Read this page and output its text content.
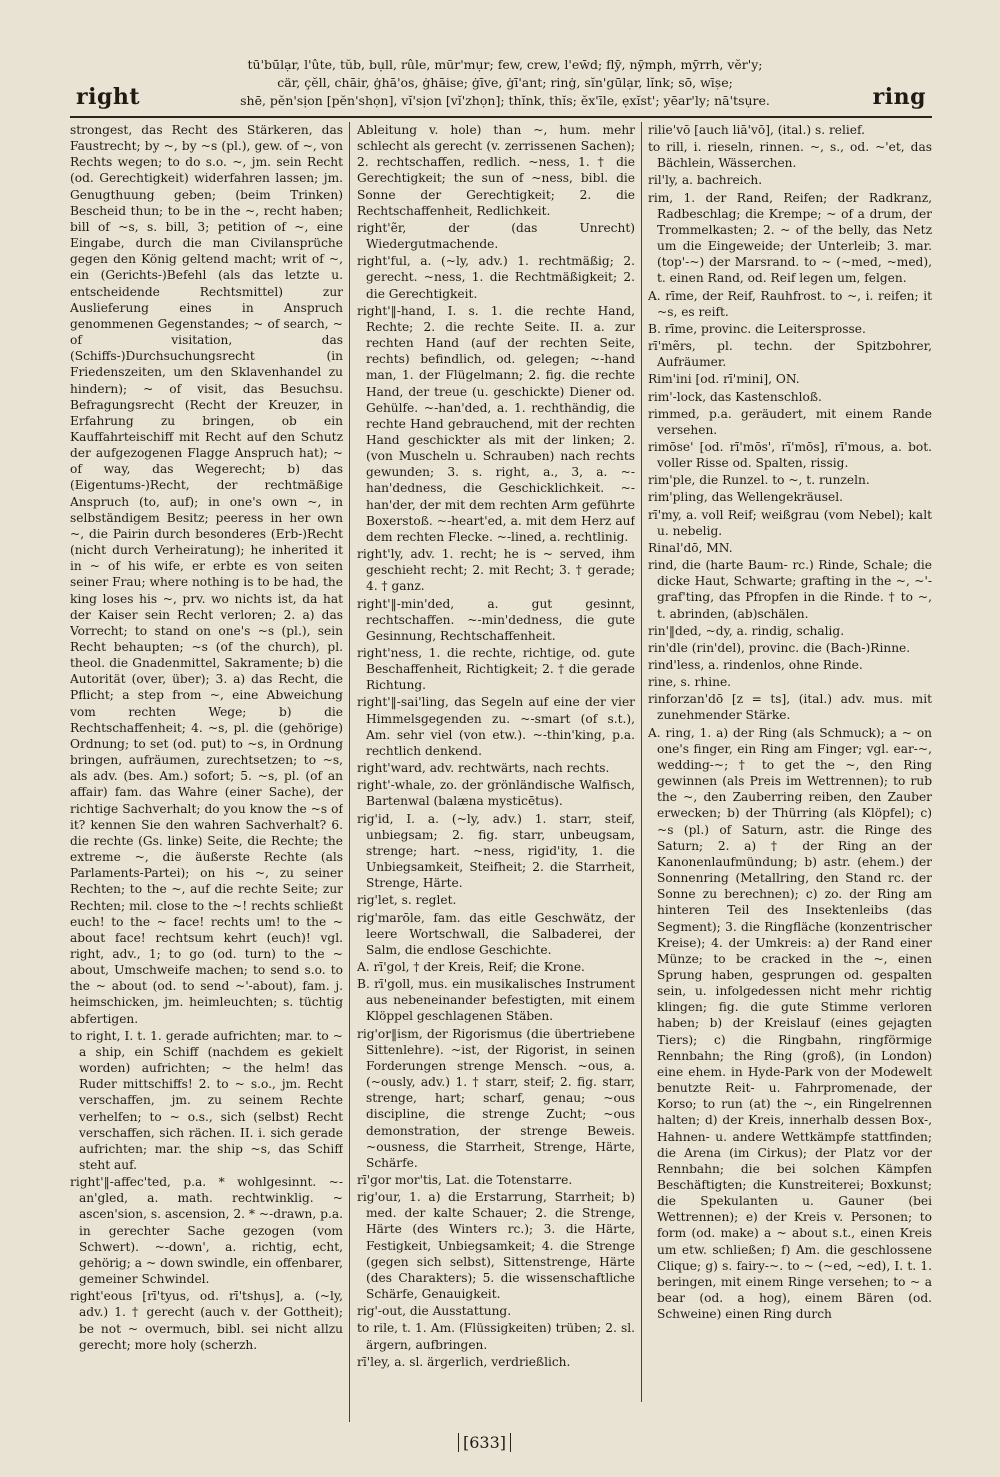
right
tū'bū̇lạr, l'ûte, tŭb, bụll, rûle, mūr'mụr; few, crew, l'ew̄d; flȳ, nȳmph, mȳrrh, vĕr'y;
cär, çĕll, chāir, ġhā'os, ġhāise; ġīve, ġī'ant; rinġ, sĭn'gūlạr, lĭnk; sō, wīșe;
shē, pĕn'sịon [pĕn'shọn], vĭ'sịon [vĭ'zhọn]; thĭnk, thĭs; ĕx'īle, ẹxĭst'; yēar'ly; nā'tsụre.	ring

strongest, das Recht des Stärkeren, das Faustrecht; by ~, by ~s (pl.), gew. of ~, von Rechts wegen; to do s.o. ~, jm. sein Recht (od. Gerechtigkeit) widerfahren lassen; jm. Genugthuung geben; (beim Trinken) Bescheid thun; to be in the ~, recht haben; bill of ~s, s. bill, 3; petition of ~, eine Eingabe, durch die man Civilansprüche gegen den König geltend macht; writ of ~, ein (Gerichts-)Befehl (als das letzte u. entscheidende Rechtsmittel) zur Auslieferung eines in Anspruch genommenen Gegenstandes; ~ of search, ~ of visitation, das (Schiffs-)Durchsuchungsrecht (in Friedenszeiten, um den Sklavenhandel zu hindern); ~ of visit, das Besuchsu. Befragungsrecht (Recht der Kreuzer, in Erfahrung zu bringen, ob ein Kauffahrteischiff mit Recht auf den Schutz der aufgezogenen Flagge Anspruch hat); ~ of way, das Wegerecht; b) das (Eigentums-)Recht, der rechtmäßige Anspruch (to, auf); in one's own ~, in selbständigem Besitz; peeress in her own ~, die Pairin durch besonderes (Erb-)Recht (nicht durch Verheiratung); he inherited it in ~ of his wife, er erbte es von seiten seiner Frau; where nothing is to be had, the king loses his ~, prv. wo nichts ist, da hat der Kaiser sein Recht verloren; 2. a) das Vorrecht; to stand on one's ~s (pl.), sein Recht behaupten; ~s (of the church), pl. theol. die Gnadenmittel, Sakramente; b) die Autorität (over, über); 3. a) das Recht, die Pflicht; a step from ~, eine Abweichung vom rechten Wege; b) die Rechtschaffenheit; 4. ~s, pl. die (gehörige) Ordnung; to set (od. put) to ~s, in Ordnung bringen, aufräumen, zurechtsetzen; to ~s, als adv. (bes. Am.) sofort; 5. ~s, pl. (of an affair) fam. das Wahre (einer Sache), der richtige Sachverhalt; do you know the ~s of it? kennen Sie den wahren Sachverhalt? 6. die rechte (Gs. linke) Seite, die Rechte; the extreme ~, die äußerste Rechte (als Parlaments-Partei); on his ~, zu seiner Rechten; to the ~, auf die rechte Seite; zur Rechten; mil. close to the ~! rechts schließt euch! to the ~ face! rechts um! to the ~ about face! rechtsum kehrt (euch)! vgl. right, adv., 1; to go (od. turn) to the ~ about, Umschweife machen; to send s.o. to the ~ about (od. to send ~'-about), fam. j. heimschicken, jm. heimleuchten; s. tüchtig abfertigen.

to right, I. t. 1. gerade aufrichten; mar. to ~ a ship, ein Schiff (nachdem es gekielt worden) aufrichten; ~ the helm! das Ruder mittschiffs! 2. to ~ s.o., jm. Recht verschaffen, jm. zu seinem Rechte verhelfen; to ~ o.s., sich (selbst) Recht verschaffen, sich rächen. II. i. sich gerade aufrichten; mar. the ship ~s, das Schiff steht auf.

right'‖-affec'ted, p.a. * wohlgesinnt. ~-an'gled, a. math. rechtwinklig. ~ ascen'sion, s. ascension, 2. * ~-drawn, p.a. in gerechter Sache gezogen (vom Schwert). ~-down', a. richtig, echt, gehörig; a ~ down swindle, ein offenbarer, gemeiner Schwindel.

right'eous [rī'tyus, od. rī'tshụs], a. (~ly, adv.) 1. † gerecht (auch v. der Gottheit); be not ~ overmuch, bibl. sei nicht allzu gerecht; more holy (scherzh.

Ableitung v. hole) than ~, hum. mehr schlecht als gerecht (v. zerrissenen Sachen); 2. rechtschaffen, redlich. ~ness, 1. † die Gerechtigkeit; the sun of ~ness, bibl. die Sonne der Gerechtigkeit; 2. die Rechtschaffenheit, Redlichkeit.

right'ẽr, der (das Unrecht) Wiedergutmachende.

right'ful, a. (~ly, adv.) 1. rechtmäßig; 2. gerecht. ~ness, 1. die Rechtmäßigkeit; 2. die Gerechtigkeit.

right'‖-hand, I. s. 1. die rechte Hand, Rechte; 2. die rechte Seite. II. a. zur rechten Hand (auf der rechten Seite, rechts) befindlich, od. gelegen; ~-hand man, 1. der Flügelmann; 2. fig. die rechte Hand, der treue (u. geschickte) Diener od. Gehülfe. ~-han'ded, a. 1. rechthändig, die rechte Hand gebrauchend, mit der rechten Hand geschickter als mit der linken; 2. (von Muscheln u. Schrauben) nach rechts gewunden; 3. s. right, a., 3, a. ~-han'dedness, die Geschicklichkeit. ~-han'der, der mit dem rechten Arm geführte Boxerstoß. ~-heart'ed, a. mit dem Herz auf dem rechten Flecke. ~-lined, a. rechtlinig.

right'ly, adv. 1. recht; he is ~ served, ihm geschieht recht; 2. mit Recht; 3. † gerade; 4. † ganz.

right'‖-min'ded, a. gut gesinnt, rechtschaffen. ~-min'dedness, die gute Gesinnung, Rechtschaffenheit.

right'ness, 1. die rechte, richtige, od. gute Beschaffenheit, Richtigkeit; 2. † die gerade Richtung.

right'‖-sai'ling, das Segeln auf eine der vier Himmelsgegenden zu. ~-smart (of s.t.), Am. sehr viel (von etw.). ~-thin'king, p.a. rechtlich denkend.

right'ward, adv. rechtwärts, nach rechts.

right'-whale, zo. der grönländische Walfisch, Bartenwal (balæna mysticētus).

rig'id, I. a. (~ly, adv.) 1. starr, steif, unbiegsam; 2. fig. starr, unbeugsam, strenge; hart. ~ness, rigid'ity, 1. die Unbiegsamkeit, Steifheit; 2. die Starrheit, Strenge, Härte.

rig'let, s. reglet.

rig'marōle, fam. das eitle Geschwätz, der leere Wortschwall, die Salbaderei, der Salm, die endlose Geschichte.

A. rī'gol, † der Kreis, Reif; die Krone.

B. rī'goll, mus. ein musikalisches Instrument aus nebeneinander befestigten, mit einem Klöppel geschlagenen Stäben.

rig'or‖ism, der Rigorismus (die übertriebene Sittenlehre). ~ist, der Rigorist, in seinen Forderungen strenge Mensch. ~ous, a. (~ously, adv.) 1. † starr, steif; 2. fig. starr, strenge, hart; scharf, genau; ~ous discipline, die strenge Zucht; ~ous demonstration, der strenge Beweis. ~ousness, die Starrheit, Strenge, Härte, Schärfe.

rī'gor mor'tis, Lat. die Totenstarre.

rig'our, 1. a) die Erstarrung, Starrheit; b) med. der kalte Schauer; 2. die Strenge, Härte (des Winters rc.); 3. die Härte, Festigkeit, Unbiegsamkeit; 4. die Strenge (gegen sich selbst), Sittenstrenge, Härte (des Charakters); 5. die wissenschaftliche Schärfe, Genauigkeit.

rig'-out, die Ausstattung.

to rile, t. 1. Am. (Flüssigkeiten) trüben; 2. sl. ärgern, aufbringen.

rī'ley, a. sl. ärgerlich, verdrießlich.

rilie'vō [auch liā'vō], (ital.) s. relief.

to rill, i. rieseln, rinnen. ~, s., od. ~'et, das Bächlein, Wässerchen.

ril'ly, a. bachreich.

rim, 1. der Rand, Reifen; der Radkranz, Radbeschlag; die Krempe; ~ of a drum, der Trommelkasten; 2. ~ of the belly, das Netz um die Eingeweide; der Unterleib; 3. mar. (top'-~) der Marsrand. to ~ (~med, ~med), t. einen Rand, od. Reif legen um, felgen.

A. rīme, der Reif, Rauhfrost. to ~, i. reifen; it ~s, es reift.

B. rīme, provinc. die Leitersprosse.

rī'mẽrs, pl. techn. der Spitzbohrer, Aufräumer.

Rim'ini [od. rī'mini], ON.

rim'-lock, das Kastenschloß.

rimmed, p.a. geräudert, mit einem Rande versehen.

rimōse' [od. rī'mōs', rī'mōs], rī'mous, a. bot. voller Risse od. Spalten, rissig.

rim'ple, die Runzel. to ~, t. runzeln.

rim'pling, das Wellengekräusel.

rī'my, a. voll Reif; weißgrau (vom Nebel); kalt u. nebelig.

Rinal'dō, MN.

rind, die (harte Baum- rc.) Rinde, Schale; die dicke Haut, Schwarte; grafting in the ~, ~'-graf'ting, das Pfropfen in die Rinde. † to ~, t. abrinden, (ab)schälen.

rin'‖ded, ~dy, a. rindig, schalig.

rin'dle (rin'del), provinc. die (Bach-)Rinne.

rind'less, a. rindenlos, ohne Rinde.

rine, s. rhine.

rinforzan'dō [z = ts], (ital.) adv. mus. mit zunehmender Stärke.

A. ring, 1. a) der Ring (als Schmuck); a ~ on one's finger, ein Ring am Finger; vgl. ear-~, wedding-~; † to get the ~, den Ring gewinnen (als Preis im Wettrennen); to rub the ~, den Zauberring reiben, den Zauber erwecken; b) der Thürring (als Klöpfel); c) ~s (pl.) of Saturn, astr. die Ringe des Saturn; 2. a) † der Ring an der Kanonenlaufmündung; b) astr. (ehem.) der Sonnenring (Metallring, den Stand rc. der Sonne zu berechnen); c) zo. der Ring am hinteren Teil des Insektenleibs (das Segment); 3. die Ringfläche (konzentrischer Kreise); 4. der Umkreis: a) der Rand einer Münze; to be cracked in the ~, einen Sprung haben, gesprungen od. gespalten sein, u. infolgedessen nicht mehr richtig klingen; fig. die gute Stimme verloren haben; b) der Kreislauf (eines gejagten Tiers); c) die Ringbahn, ringförmige Rennbahn; the Ring (groß), (in London) eine ehem. in Hyde-Park von der Modewelt benutzte Reit- u. Fahrpromenade, der Korso; to run (at) the ~, ein Ringelrennen halten; d) der Kreis, innerhalb dessen Box-, Hahnen- u. andere Wettkämpfe stattfinden; die Arena (im Cirkus); der Platz vor der Rennbahn; die bei solchen Kämpfen Beschäftigten; die Kunstreiterei; Boxkunst; die Spekulanten u. Gauner (bei Wettrennen); e) der Kreis v. Personen; to form (od. make) a ~ about s.t., einen Kreis um etw. schließen; f) Am. die geschlossene Clique; g) s. fairy-~. to ~ (~ed, ~ed), I. t. 1. beringen, mit einem Ringe versehen; to ~ a bear (od. a hog), einem Bären (od. Schweine) einen Ring durch

[633]
